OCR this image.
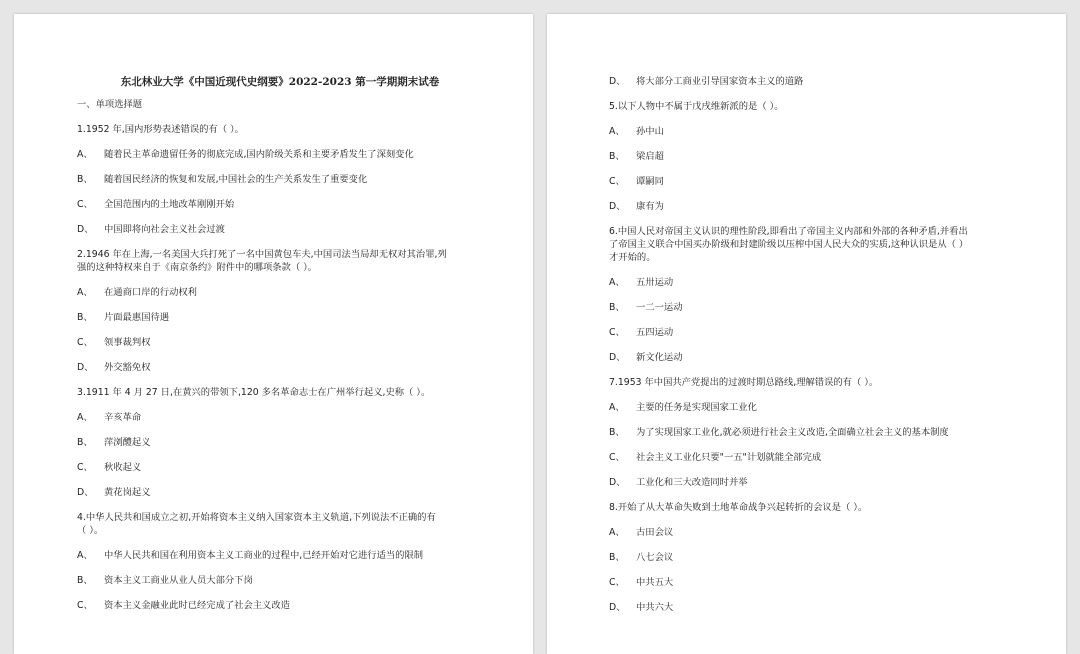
东北林业大学《中国近现代史纲要》2022-2023 第一学期期末试卷
一、单项选择题
1.1952 年,国内形势表述错误的有（ ）。
A、	随着民主革命遗留任务的彻底完成,国内阶级关系和主要矛盾发生了深刻变化
B、	随着国民经济的恢复和发展,中国社会的生产关系发生了重要变化
C、	全国范围内的土地改革刚刚开始
D、	中国即将向社会主义社会过渡
2.1946 年在上海,一名美国大兵打死了一名中国黄包车夫,中国司法当局却无权对其治罪,列
强的这种特权来自于《南京条约》附件中的哪项条款（ ）。
A、	在通商口岸的行动权利
B、	片面最惠国待遇
C、	领事裁判权
D、	外交豁免权
3.1911 年 4 月 27 日,在黄兴的带领下,120 多名革命志士在广州举行起义,史称（ ）。
A、	辛亥革命
B、	萍浏醴起义
C、	秋收起义
D、	黄花岗起义
4.中华人民共和国成立之初,开始将资本主义纳入国家资本主义轨道,下列说法不正确的有
（ ）。
A、	中华人民共和国在利用资本主义工商业的过程中,已经开始对它进行适当的限制
B、	资本主义工商业从业人员大部分下岗
C、	资本主义金融业此时已经完成了社会主义改造
D、	将大部分工商业引导国家资本主义的道路
5.以下人物中不属于戊戌维新派的是（ ）。
A、	孙中山
B、	梁启超
C、	谭嗣同
D、	康有为
6.中国人民对帝国主义认识的理性阶段,即看出了帝国主义内部和外部的各种矛盾,并看出
了帝国主义联合中国买办阶级和封建阶级以压榨中国人民大众的实质,这种认识是从（ ）
才开始的。
A、	五卅运动
B、	一二一运动
C、	五四运动
D、	新文化运动
7.1953 年中国共产党提出的过渡时期总路线,理解错误的有（ ）。
A、	主要的任务是实现国家工业化
B、	为了实现国家工业化,就必须进行社会主义改造,全面确立社会主义的基本制度
C、	社会主义工业化只要"一五"计划就能全部完成
D、	工业化和三大改造同时并举
8.开始了从大革命失败到土地革命战争兴起转折的会议是（ ）。
A、	古田会议
B、	八七会议
C、	中共五大
D、	中共六大
